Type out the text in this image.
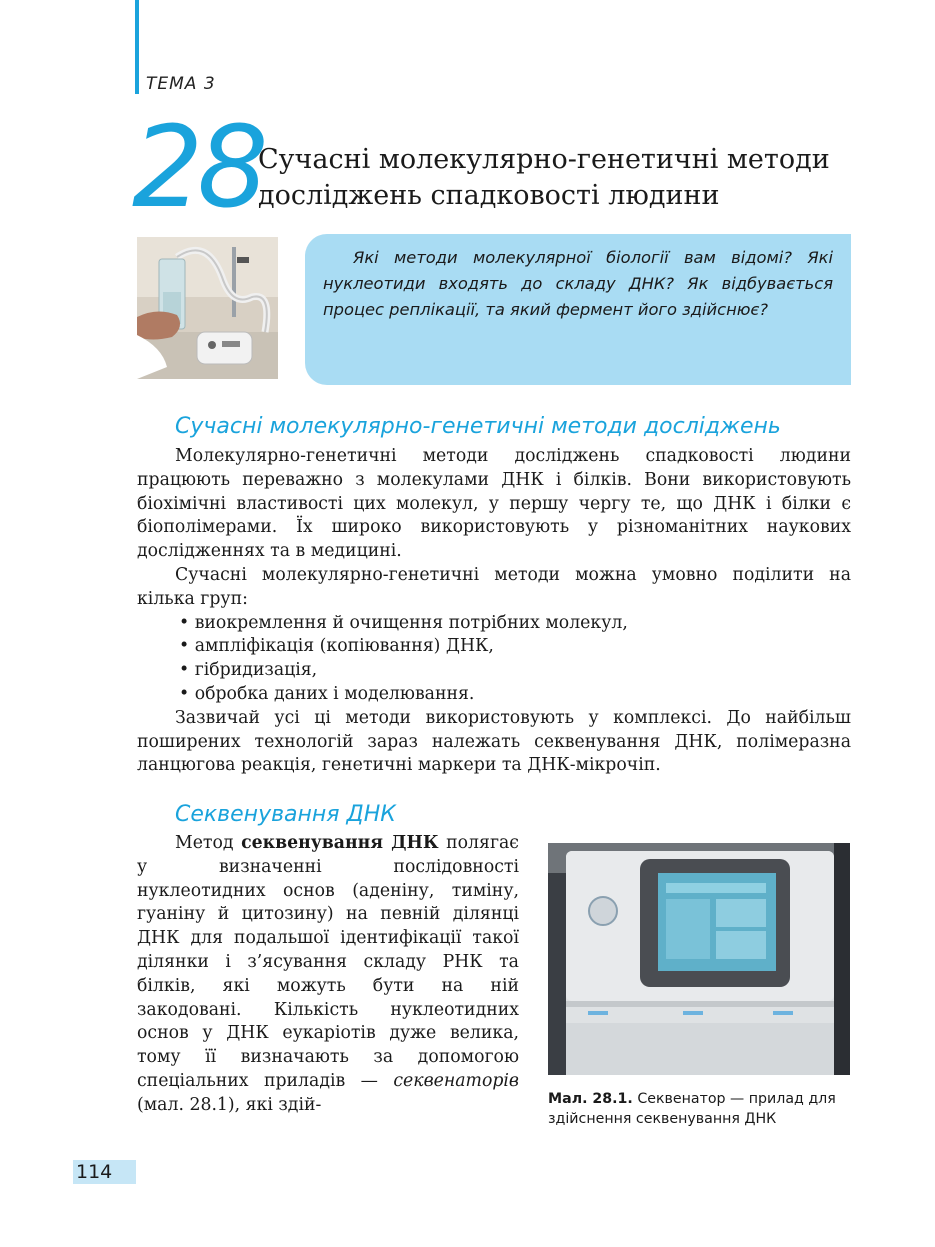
ТЕМА 3
28
Сучасні молекулярно-генетичні методи досліджень спадковості людини

Які методи молекулярної біології вам відомі? Які нуклеотиди входять до складу ДНК? Як відбувається процес реплікації, та який фермент його здійснює?

Сучасні молекулярно-генетичні методи досліджень

Молекулярно-генетичні методи досліджень спадковості людини працюють переважно з молекулами ДНК і білків. Вони використовують біохімічні властивості цих молекул, у першу чергу те, що ДНК і білки є біополімерами. Їх широко використовують у різноманітних наукових дослідженнях та в медицині.

Сучасні молекулярно-генетичні методи можна умовно поділити на кілька груп:

• виокремлення й очищення потрібних молекул,
• ампліфікація (копіювання) ДНК,
• гібридизація,
• обробка даних і моделювання.

Зазвичай усі ці методи використовують у комплексі. До найбільш поширених технологій зараз належать секвенування ДНК, полімеразна ланцюгова реакція, генетичні маркери та ДНК-мікрочіп.

Секвенування ДНК

Метод секвенування ДНК полягає у визначенні послідовності нуклеотидних основ (аденіну, тиміну, гуаніну й цитозину) на певній ділянці ДНК для подальшої ідентифікації такої ділянки і з’ясування складу РНК та білків, які можуть бути на ній закодовані. Кількість нуклеотидних основ у ДНК еукаріотів дуже велика, тому її визначають за допомогою спеціальних приладів — секвенаторів (мал. 28.1), які здій-	Мал. 28.1. Секвенатор — прилад для здійснення секвенування ДНК
114
